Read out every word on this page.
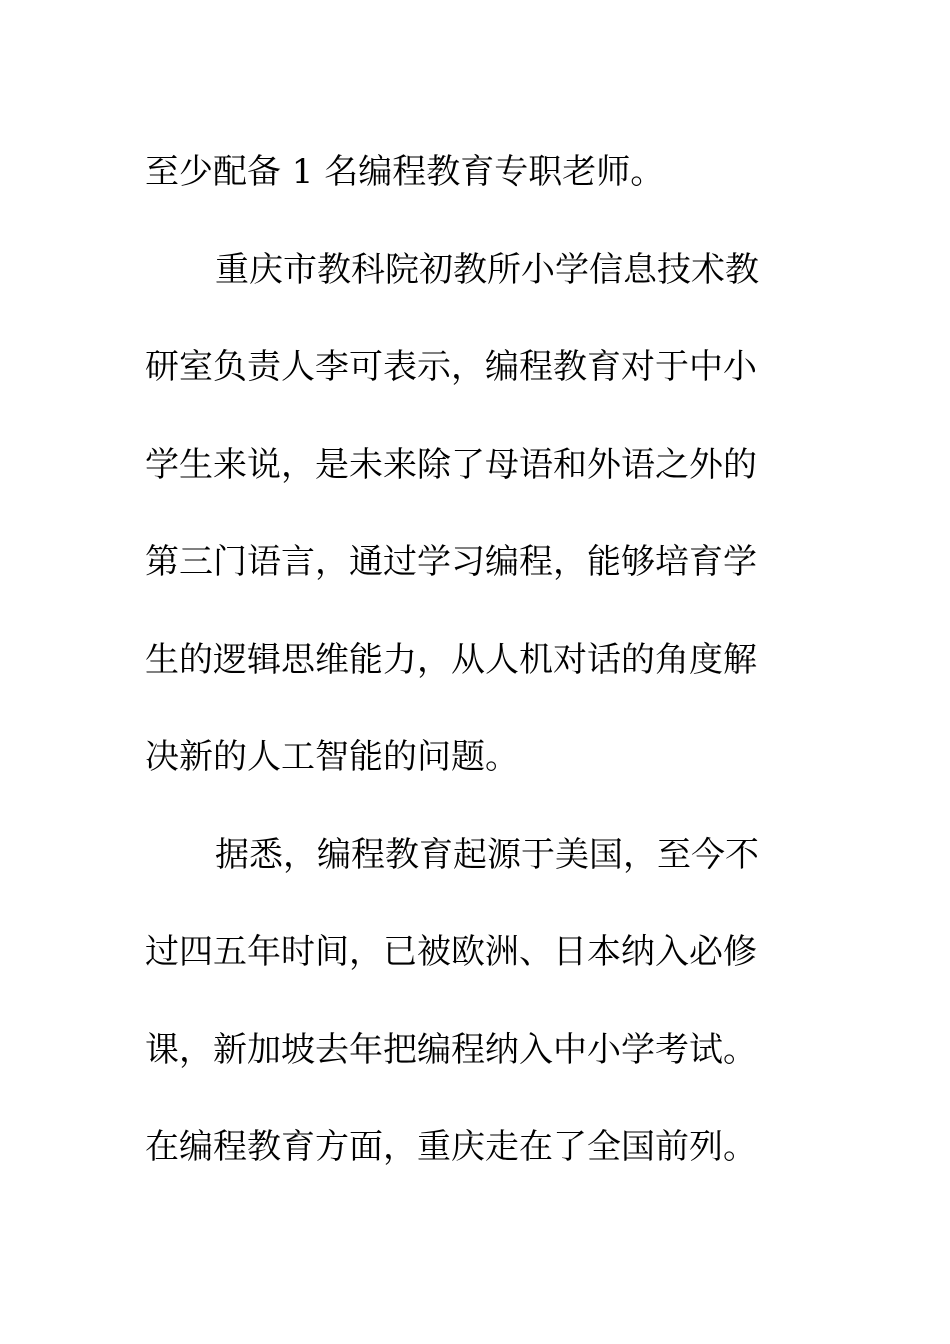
至少配备 1 名编程教育专职老师。
重庆市教科院初教所小学信息技术教
研室负责人李可表示，编程教育对于中小
学生来说，是未来除了母语和外语之外的
第三门语言，通过学习编程，能够培育学
生的逻辑思维能力，从人机对话的角度解
决新的人工智能的问题。
据悉，编程教育起源于美国，至今不
过四五年时间，已被欧洲、日本纳入必修
课，新加坡去年把编程纳入中小学考试。
在编程教育方面，重庆走在了全国前列。
